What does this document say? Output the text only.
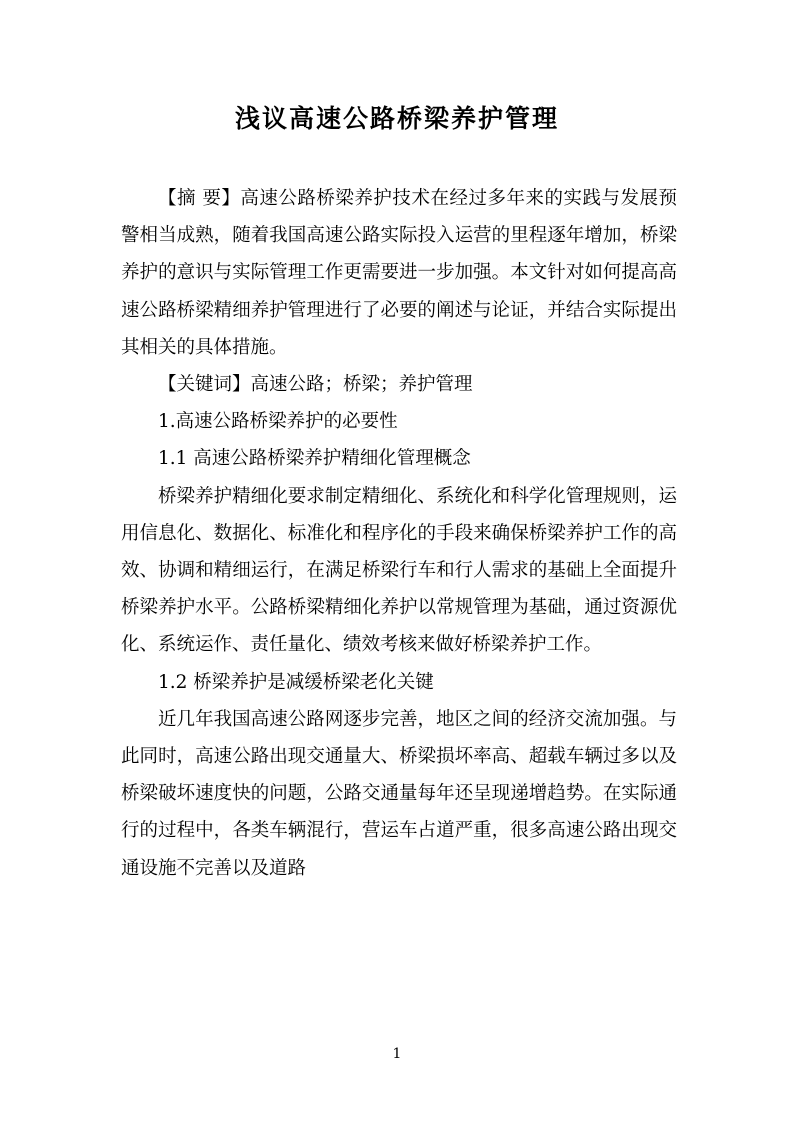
浅议高速公路桥梁养护管理

【摘 要】高速公路桥梁养护技术在经过多年来的实践与发展预警相当成熟，随着我国高速公路实际投入运营的里程逐年增加，桥梁养护的意识与实际管理工作更需要进一步加强。本文针对如何提高高速公路桥梁精细养护管理进行了必要的阐述与论证，并结合实际提出其相关的具体措施。

【关键词】高速公路；桥梁；养护管理

1.高速公路桥梁养护的必要性

1.1 高速公路桥梁养护精细化管理概念

桥梁养护精细化要求制定精细化、系统化和科学化管理规则，运用信息化、数据化、标准化和程序化的手段来确保桥梁养护工作的高效、协调和精细运行，在满足桥梁行车和行人需求的基础上全面提升桥梁养护水平。公路桥梁精细化养护以常规管理为基础，通过资源优化、系统运作、责任量化、绩效考核来做好桥梁养护工作。

1.2 桥梁养护是减缓桥梁老化关键

近几年我国高速公路网逐步完善，地区之间的经济交流加强。与此同时，高速公路出现交通量大、桥梁损坏率高、超载车辆过多以及桥梁破坏速度快的问题，公路交通量每年还呈现递增趋势。在实际通行的过程中，各类车辆混行，营运车占道严重，很多高速公路出现交通设施不完善以及道路

1
